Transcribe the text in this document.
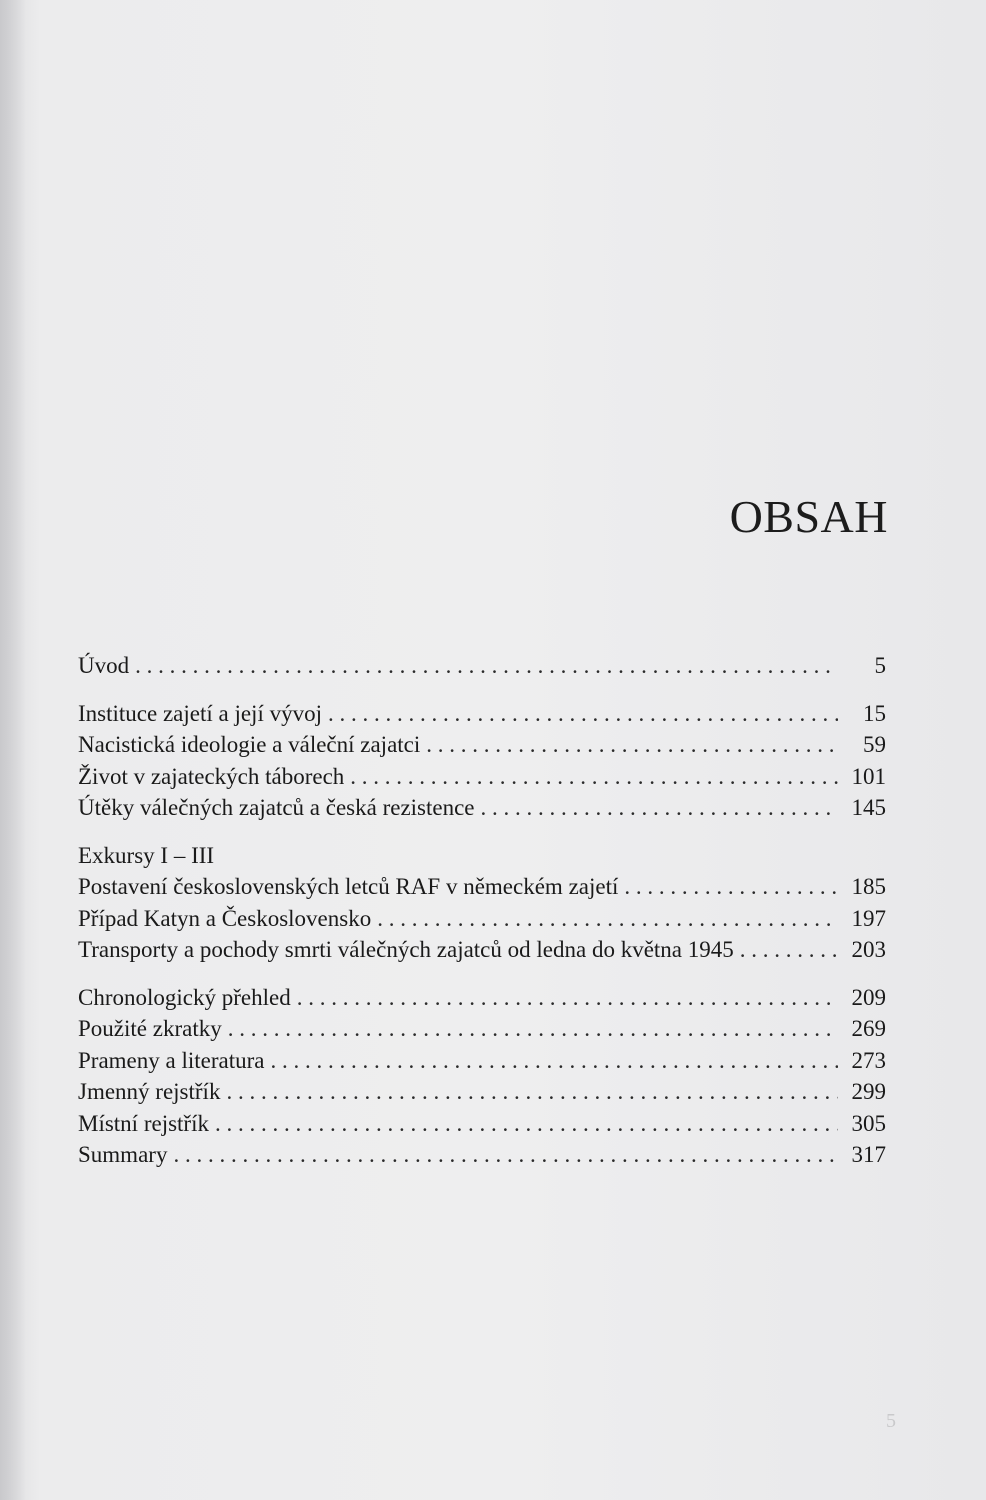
OBSAH
Úvod . . .	5
Instituce zajetí a její vývoj . . .	15
Nacistická ideologie a váleční zajatci . . .	59
Život v zajateckých táborech . . .	101
Útěky válečných zajatců a česká rezistence . . .	145
Exkursy I – III
Postavení československých letců RAF v německém zajetí . . .	185
Případ Katyn a Československo . . .	197
Transporty a pochody smrti válečných zajatců od ledna do května 1945 . . .	203
Chronologický přehled . . .	209
Použité zkratky . . .	269
Prameny a literatura . . .	273
Jmenný rejstřík . . .	299
Místní rejstřík . . .	305
Summary . . .	317
5
